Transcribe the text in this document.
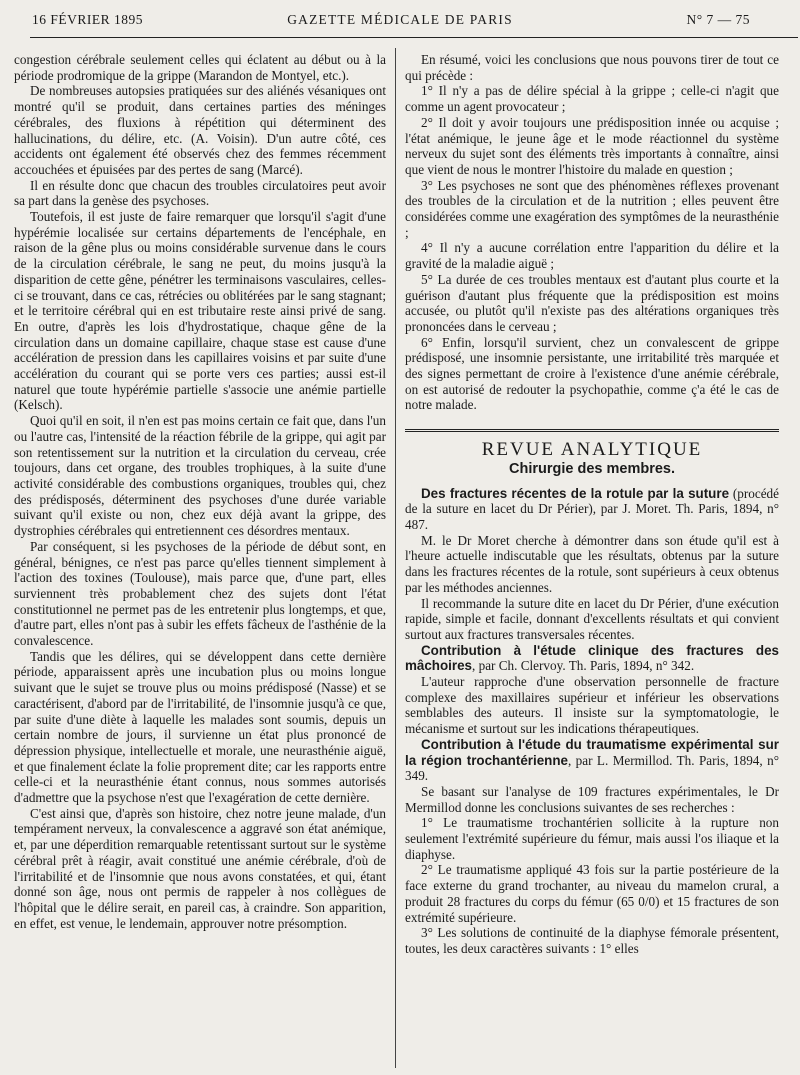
16 FÉVRIER 1895	GAZETTE MÉDICALE DE PARIS	N° 7 — 75

congestion cérébrale seulement celles qui éclatent au début ou à la période prodromique de la grippe (Marandon de Montyel, etc.).

De nombreuses autopsies pratiquées sur des aliénés vésaniques ont montré qu'il se produit, dans certaines parties des méninges cérébrales, des fluxions à répétition qui déterminent des hallucinations, du délire, etc. (A. Voisin). D'un autre côté, ces accidents ont également été observés chez des femmes récemment accouchées et épuisées par des pertes de sang (Marcé).

Il en résulte donc que chacun des troubles circulatoires peut avoir sa part dans la genèse des psychoses.

Toutefois, il est juste de faire remarquer que lorsqu'il s'agit d'une hypérémie localisée sur certains départements de l'encéphale, en raison de la gêne plus ou moins considérable survenue dans le cours de la circulation cérébrale, le sang ne peut, du moins jusqu'à la disparition de cette gêne, pénétrer les terminaisons vasculaires, celles-ci se trouvant, dans ce cas, rétrécies ou oblitérées par le sang stagnant; et le territoire cérébral qui en est tributaire reste ainsi privé de sang. En outre, d'après les lois d'hydrostatique, chaque gêne de la circulation dans un domaine capillaire, chaque stase est cause d'une accélération de pression dans les capillaires voisins et par suite d'une accélération du courant qui se porte vers ces parties; aussi est-il naturel que toute hypérémie partielle s'associe une anémie partielle (Kelsch).

Quoi qu'il en soit, il n'en est pas moins certain ce fait que, dans l'un ou l'autre cas, l'intensité de la réaction fébrile de la grippe, qui agit par son retentissement sur la nutrition et la circulation du cerveau, crée toujours, dans cet organe, des troubles trophiques, à la suite d'une activité considérable des combustions organiques, troubles qui, chez des prédisposés, déterminent des psychoses d'une durée variable suivant qu'il existe ou non, chez eux déjà avant la grippe, des dystrophies cérébrales qui entretiennent ces désordres mentaux.

Par conséquent, si les psychoses de la période de début sont, en général, bénignes, ce n'est pas parce qu'elles tiennent simplement à l'action des toxines (Toulouse), mais parce que, d'une part, elles surviennent très probablement chez des sujets dont l'état constitutionnel ne permet pas de les entretenir plus longtemps, et que, d'autre part, elles n'ont pas à subir les effets fâcheux de l'asthénie de la convalescence.

Tandis que les délires, qui se développent dans cette dernière période, apparaissent après une incubation plus ou moins longue suivant que le sujet se trouve plus ou moins prédisposé (Nasse) et se caractérisent, d'abord par de l'irritabilité, de l'insomnie jusqu'à ce que, par suite d'une diète à laquelle les malades sont soumis, depuis un certain nombre de jours, il survienne un état plus prononcé de dépression physique, intellectuelle et morale, une neurasthénie aiguë, et que finalement éclate la folie proprement dite; car les rapports entre celle-ci et la neurasthénie étant connus, nous sommes autorisés d'admettre que la psychose n'est que l'exagération de cette dernière.

C'est ainsi que, d'après son histoire, chez notre jeune malade, d'un tempérament nerveux, la convalescence a aggravé son état anémique, et, par une déperdition remarquable retentissant surtout sur le système cérébral prêt à réagir, avait constitué une anémie cérébrale, d'où de l'irritabilité et de l'insomnie que nous avons constatées, et qui, étant donné son âge, nous ont permis de rappeler à nos collègues de l'hôpital que le délire serait, en pareil cas, à craindre. Son apparition, en effet, est venue, le lendemain, approuver notre présomption.

En résumé, voici les conclusions que nous pouvons tirer de tout ce qui précède :

1° Il n'y a pas de délire spécial à la grippe ; celle-ci n'agit que comme un agent provocateur ;

2° Il doit y avoir toujours une prédisposition innée ou acquise ; l'état anémique, le jeune âge et le mode réactionnel du système nerveux du sujet sont des éléments très importants à connaître, ainsi que vient de nous le montrer l'histoire du malade en question ;

3° Les psychoses ne sont que des phénomènes réflexes provenant des troubles de la circulation et de la nutrition ; elles peuvent être considérées comme une exagération des symptômes de la neurasthénie ;

4° Il n'y a aucune corrélation entre l'apparition du délire et la gravité de la maladie aiguë ;

5° La durée de ces troubles mentaux est d'autant plus courte et la guérison d'autant plus fréquente que la prédisposition est moins accusée, ou plutôt qu'il n'existe pas des altérations organiques très prononcées dans le cerveau ;

6° Enfin, lorsqu'il survient, chez un convalescent de grippe prédisposé, une insomnie persistante, une irritabilité très marquée et des signes permettant de croire à l'existence d'une anémie cérébrale, on est autorisé de redouter la psychopathie, comme ç'a été le cas de notre malade.

REVUE ANALYTIQUE
Chirurgie des membres.

Des fractures récentes de la rotule par la suture (procédé de la suture en lacet du Dr Périer), par J. Moret. Th. Paris, 1894, n° 487.

M. le Dr Moret cherche à démontrer dans son étude qu'il est à l'heure actuelle indiscutable que les résultats, obtenus par la suture dans les fractures récentes de la rotule, sont supérieurs à ceux obtenus par les méthodes anciennes.

Il recommande la suture dite en lacet du Dr Périer, d'une exécution rapide, simple et facile, donnant d'excellents résultats et qui convient surtout aux fractures transversales récentes.

Contribution à l'étude clinique des fractures des mâchoires, par Ch. Clervoy. Th. Paris, 1894, n° 342.

L'auteur rapproche d'une observation personnelle de fracture complexe des maxillaires supérieur et inférieur les observations semblables des auteurs. Il insiste sur la symptomatologie, le mécanisme et surtout sur les indications thérapeutiques.

Contribution à l'étude du traumatisme expérimental sur la région trochantérienne, par L. Mermillod. Th. Paris, 1894, n° 349.

Se basant sur l'analyse de 109 fractures expérimentales, le Dr Mermillod donne les conclusions suivantes de ses recherches :

1° Le traumatisme trochantérien sollicite à la rupture non seulement l'extrémité supérieure du fémur, mais aussi l'os iliaque et la diaphyse.

2° Le traumatisme appliqué 43 fois sur la partie postérieure de la face externe du grand trochanter, au niveau du mamelon crural, a produit 28 fractures du corps du fémur (65 0/0) et 15 fractures de son extrémité supérieure.

3° Les solutions de continuité de la diaphyse fémorale présentent, toutes, les deux caractères suivants : 1° elles
